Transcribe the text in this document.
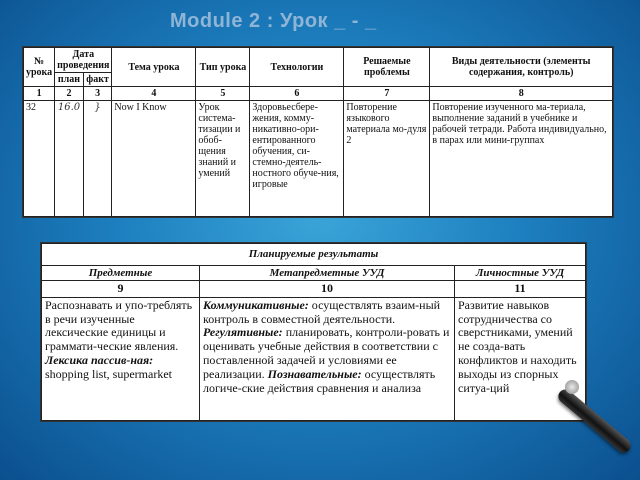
Module 2 : Урок _ - _
№ урока	Дата проведения		Тема урока	Тип урока	Технологии	Решаемые проблемы	Виды деятельности (элементы содержания, контроль)
	план	факт					
1	2	3	4	5	6	7	8
32	16.0	}	Now I Know	Урок система-тизации и обоб-щения знаний и умений	Здоровьесбере-жения, комму-никативно-ори-ентированного обучения, си-стемно-деятель-ностного обуче-ния, игровые	Повторение языкового материала мо-дуля 2	Повторение изученного ма-териала, выполнение заданий в учебнике и рабочей тетради. Работа индивидуально, в парах или мини-группах
Планируемые результаты		
Предметные	Метапредметные УУД	Личностные УУД
9	10	11
Распознавать и упо-треблять в речи изученные лексические единицы и граммати-ческие явления. Лексика пассив-ная: shopping list, supermarket	Коммуникативные: осуществлять взаим-ный контроль в совместной деятельности. Регулятивные: планировать, контроли-ровать и оценивать учебные действия в соответствии с поставленной задачей и условиями ее реализации. Познавательные: осуществлять логиче-ские действия сравнения и анализа	Развитие навыков сотрудничества со сверстниками, умений не созда-вать конфликтов и находить выходы из спорных ситуа-ций
